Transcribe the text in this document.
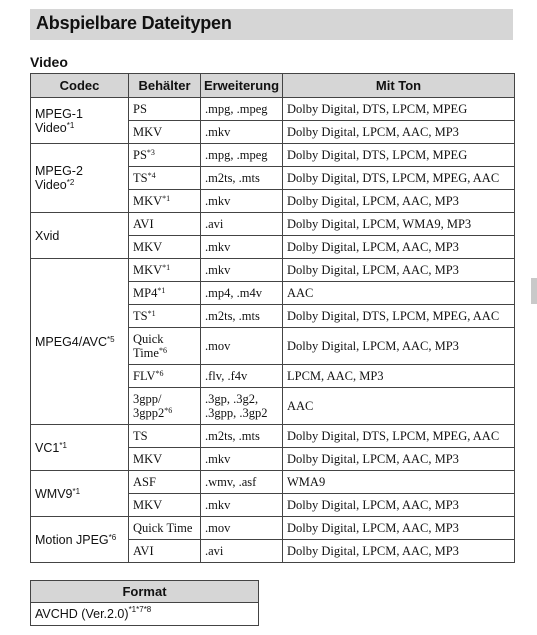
Abspielbare Dateitypen
Video
Codec	Behälter	Erweiterung	Mit Ton
MPEG-1 Video$^{*1}$	PS	.mpg, .mpeg	Dolby Digital, DTS, LPCM, MPEG
	MKV	.mkv	Dolby Digital, LPCM, AAC, MP3
MPEG-2 Video$^{*2}$	PS$^{*3}$	.mpg, .mpeg	Dolby Digital, DTS, LPCM, MPEG
	TS$^{*4}$	.m2ts, .mts	Dolby Digital, DTS, LPCM, MPEG, AAC
	MKV$^{*1}$	.mkv	Dolby Digital, LPCM, AAC, MP3
Xvid	AVI	.avi	Dolby Digital, LPCM, WMA9, MP3
	MKV	.mkv	Dolby Digital, LPCM, AAC, MP3
MPEG4/AVC$^{*5}$	MKV$^{*1}$	.mkv	Dolby Digital, LPCM, AAC, MP3
	MP4$^{*1}$	.mp4, .m4v	AAC
	TS$^{*1}$	.m2ts, .mts	Dolby Digital, DTS, LPCM, MPEG, AAC
	Quick Time$^{*6}$	.mov	Dolby Digital, LPCM, AAC, MP3
	FLV$^{*6}$	.flv, .f4v	LPCM, AAC, MP3
	3gpp/ 3gpp2$^{*6}$	.3gp, .3g2, .3gpp, .3gp2	AAC
VC1$^{*1}$	TS	.m2ts, .mts	Dolby Digital, DTS, LPCM, MPEG, AAC
	MKV	.mkv	Dolby Digital, LPCM, AAC, MP3
WMV9$^{*1}$	ASF	.wmv, .asf	WMA9
	MKV	.mkv	Dolby Digital, LPCM, AAC, MP3
Motion JPEG$^{*6}$	Quick Time	.mov	Dolby Digital, LPCM, AAC, MP3
	AVI	.avi	Dolby Digital, LPCM, AAC, MP3
Format
AVCHD $(Ver.2.0)^{*1*7*8}$
